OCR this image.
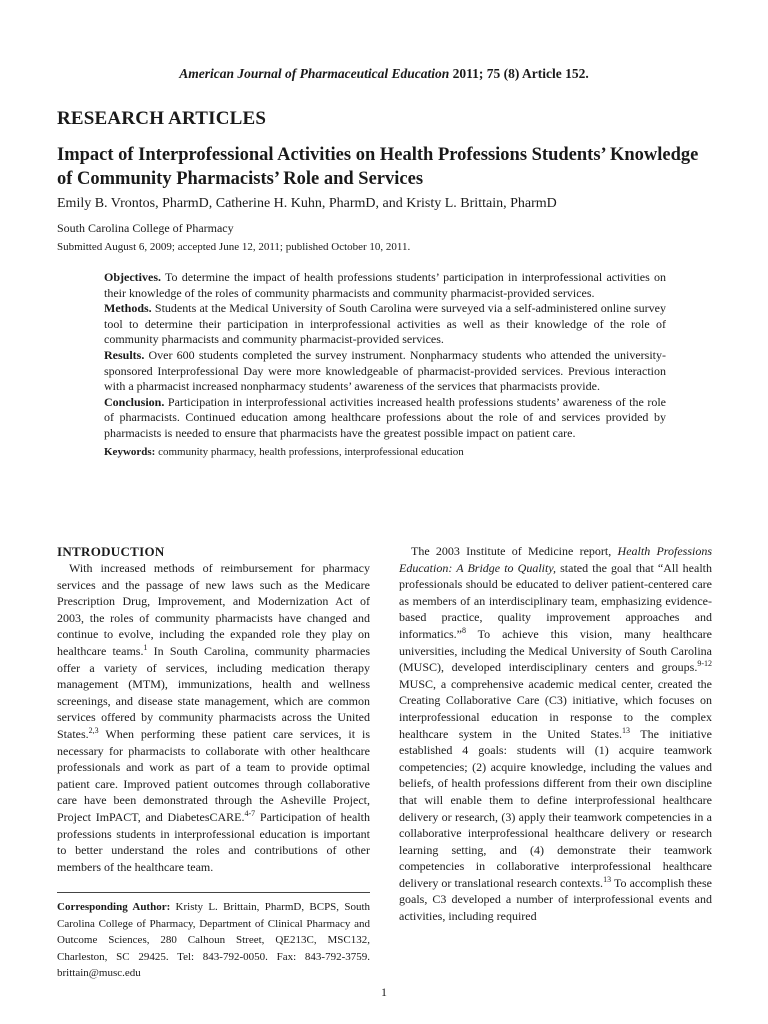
American Journal of Pharmaceutical Education 2011; 75 (8) Article 152.
RESEARCH ARTICLES
Impact of Interprofessional Activities on Health Professions Students’ Knowledge of Community Pharmacists’ Role and Services
Emily B. Vrontos, PharmD, Catherine H. Kuhn, PharmD, and Kristy L. Brittain, PharmD
South Carolina College of Pharmacy
Submitted August 6, 2009; accepted June 12, 2011; published October 10, 2011.

Objectives. To determine the impact of health professions students’ participation in interprofessional activities on their knowledge of the roles of community pharmacists and community pharmacist-provided services.

Methods. Students at the Medical University of South Carolina were surveyed via a self-administered online survey tool to determine their participation in interprofessional activities as well as their knowledge of the role of community pharmacists and community pharmacist-provided services.

Results. Over 600 students completed the survey instrument. Nonpharmacy students who attended the university-sponsored Interprofessional Day were more knowledgeable of pharmacist-provided services. Previous interaction with a pharmacist increased nonpharmacy students’ awareness of the services that pharmacists provide.

Conclusion. Participation in interprofessional activities increased health professions students’ awareness of the role of pharmacists. Continued education among healthcare professions about the role of and services provided by pharmacists is needed to ensure that pharmacists have the greatest possible impact on patient care.

Keywords: community pharmacy, health professions, interprofessional education

INTRODUCTION

With increased methods of reimbursement for pharmacy services and the passage of new laws such as the Medicare Prescription Drug, Improvement, and Modernization Act of 2003, the roles of community pharmacists have changed and continue to evolve, including the expanded role they play on healthcare teams.$^1$ In South Carolina, community pharmacies offer a variety of services, including medication therapy management (MTM), immunizations, health and wellness screenings, and disease state management, which are common services offered by community pharmacists across the United States.$^{2,3}$ When performing these patient care services, it is necessary for pharmacists to collaborate with other healthcare professionals and work as part of a team to provide optimal patient care. Improved patient outcomes through collaborative care have been demonstrated through the Asheville Project, Project ImPACT, and DiabetesCARE.$^{4-7}$ Participation of health professions students in interprofessional education is important to better understand the roles and contributions of other members of the healthcare team.

Corresponding Author: Kristy L. Brittain, PharmD, BCPS, South Carolina College of Pharmacy, Department of Clinical Pharmacy and Outcome Sciences, 280 Calhoun Street, QE213C, MSC132, Charleston, SC 29425. Tel: 843-792-0050. Fax: 843-792-3759. brittain@musc.edu

The 2003 Institute of Medicine report, Health Professions Education: A Bridge to Quality, stated the goal that “All health professionals should be educated to deliver patient-centered care as members of an interdisciplinary team, emphasizing evidence-based practice, quality improvement approaches and informatics.”$^8$ To achieve this vision, many healthcare universities, including the Medical University of South Carolina (MUSC), developed interdisciplinary centers and groups.$^{9-12}$ MUSC, a comprehensive academic medical center, created the Creating Collaborative Care (C3) initiative, which focuses on interprofessional education in response to the complex healthcare system in the United States.$^{13}$ The initiative established 4 goals: students will (1) acquire teamwork competencies; (2) acquire knowledge, including the values and beliefs, of health professions different from their own discipline that will enable them to define interprofessional healthcare delivery or research, (3) apply their teamwork competencies in a collaborative interprofessional healthcare delivery or research learning setting, and (4) demonstrate their teamwork competencies in collaborative interprofessional healthcare delivery or translational research contexts.$^{13}$ To accomplish these goals, C3 developed a number of interprofessional events and activities, including required

1
